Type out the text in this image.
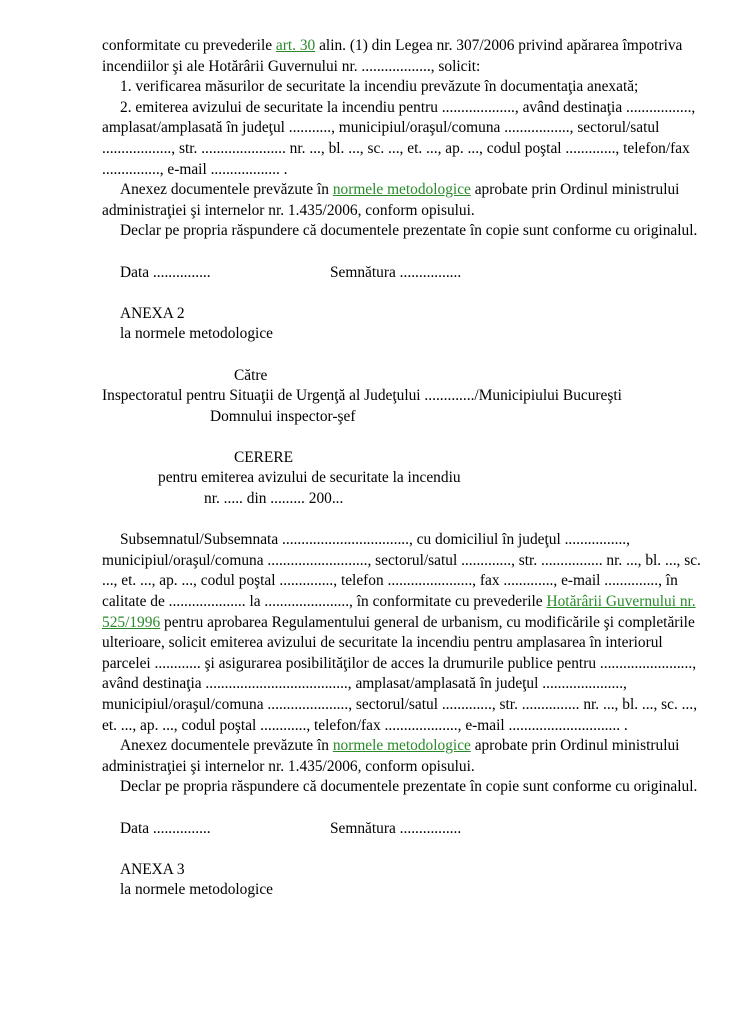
conformitate cu prevederile art. 30 alin. (1) din Legea nr. 307/2006 privind apărarea împotriva incendiilor şi ale Hotărârii Guvernului nr. .................., solicit:

1. verificarea măsurilor de securitate la incendiu prevăzute în documentaţia anexată;

2. emiterea avizului de securitate la incendiu pentru ..................., având destinaţia ................., amplasat/amplasată în judeţul ..........., municipiul/oraşul/comuna ................., sectorul/satul .................., str. ...................... nr. ..., bl. ..., sc. ..., et. ..., ap. ..., codul poştal ............., telefon/fax ..............., e-mail .................. .

Anexez documentele prevăzute în normele metodologice aprobate prin Ordinul ministrului administraţiei şi internelor nr. 1.435/2006, conform opisului.

Declar pe propria răspundere că documentele prezentate în copie sunt conforme cu originalul.

Data ...............	Semnătura ................

ANEXA 2

la normele metodologice

Către

Inspectoratul pentru Situaţii de Urgenţă al Judeţului ............./Municipiului Bucureşti

Domnului inspector-şef

CERERE

pentru emiterea avizului de securitate la incendiu

nr. ..... din ......... 200...

Subsemnatul/Subsemnata ................................., cu domiciliul în judeţul ................, municipiul/oraşul/comuna .........................., sectorul/satul ............., str. ................ nr. ..., bl. ..., sc. ..., et. ..., ap. ..., codul poştal .............., telefon ......................, fax ............., e-mail .............., în calitate de .................... la ......................, în conformitate cu prevederile Hotărârii Guvernului nr. 525/1996 pentru aprobarea Regulamentului general de urbanism, cu modificările şi completările ulterioare, solicit emiterea avizului de securitate la incendiu pentru amplasarea în interiorul parcelei ............ şi asigurarea posibilităţilor de acces la drumurile publice pentru ........................, având destinaţia ....................................., amplasat/amplasată în judeţul ....................., municipiul/oraşul/comuna ....................., sectorul/satul ............., str. ............... nr. ..., bl. ..., sc. ..., et. ..., ap. ..., codul poştal ............, telefon/fax ..................., e-mail ............................. .

Anexez documentele prevăzute în normele metodologice aprobate prin Ordinul ministrului administraţiei şi internelor nr. 1.435/2006, conform opisului.

Declar pe propria răspundere că documentele prezentate în copie sunt conforme cu originalul.

Data ...............	Semnătura ................

ANEXA 3

la normele metodologice
